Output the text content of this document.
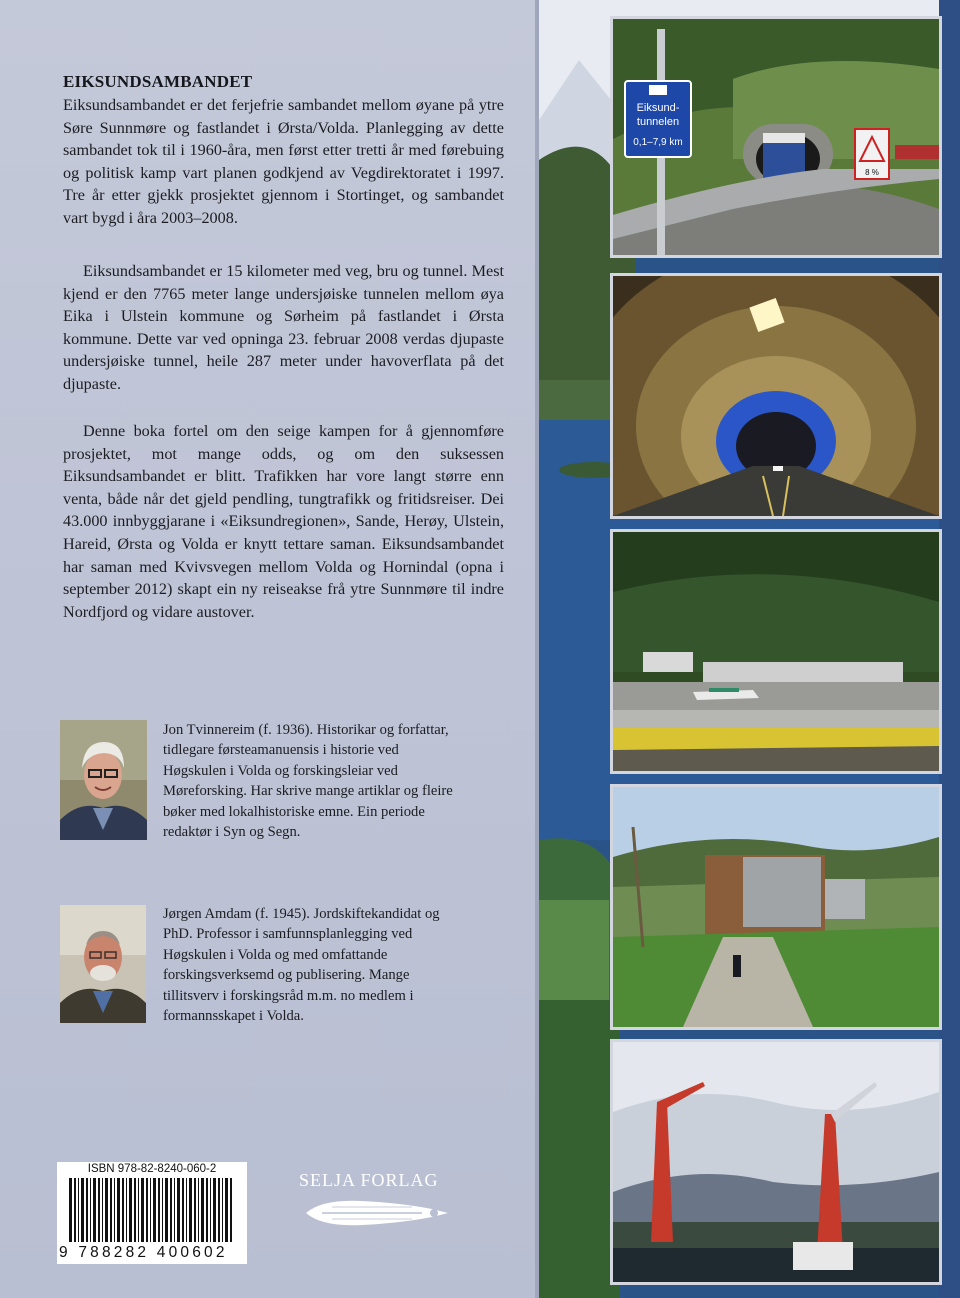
EIKSUNDSAMBANDET

Eiksundsambandet er det ferjefrie sambandet mellom øyane på ytre Søre Sunnmøre og fastlandet i Ørsta/Volda. Planlegging av dette sambandet tok til i 1960-åra, men først etter tretti år med førebuing og politisk kamp vart planen godkjend av Vegdirektoratet i 1997. Tre år etter gjekk prosjektet gjennom i Stortinget, og sambandet vart bygd i åra 2003–2008.

Eiksundsambandet er 15 kilometer med veg, bru og tunnel. Mest kjend er den 7765 meter lange undersjøiske tunnelen mellom øya Eika i Ulstein kommune og Sørheim på fastlandet i Ørsta kommune. Dette var ved opninga 23. februar 2008 verdas djupaste undersjøiske tunnel, heile 287 meter under havoverflata på det djupaste.

Denne boka fortel om den seige kampen for å gjennomføre prosjektet, mot mange odds, og om den suksessen Eiksundsambandet er blitt. Trafikken har vore langt større enn venta, både når det gjeld pendling, tungtrafikk og fritidsreiser. Dei 43.000 innbyggjarane i «Eiksundregionen», Sande, Herøy, Ulstein, Hareid, Ørsta og Volda er knytt tettare saman. Eiksundsambandet har saman med Kvivsvegen mellom Volda og Hornindal (opna i september 2012) skapt ein ny reiseakse frå ytre Sunnmøre til indre Nordfjord og vidare austover.

Jon Tvinnereim (f. 1936). Historikar og forfattar, tidlegare førsteamanuensis i historie ved Høgskulen i Volda og forskingsleiar ved Møreforsking. Har skrive mange artiklar og fleire bøker med lokalhistoriske emne. Ein periode redaktør i Syn og Segn.

Jørgen Amdam (f. 1945). Jordskiftekandidat og PhD. Professor i samfunnsplanlegging ved Høgskulen i Volda og med omfattande forskingsverksemd og publisering. Mange tillitsverv i forskingsråd m.m. no medlem i formannsskapet i Volda.

ISBN 978-82-8240-060-2
9 788282 400602
SELJA FORLAG
Eiksund-
tunnelen
0,1–7,9 km
8 %
